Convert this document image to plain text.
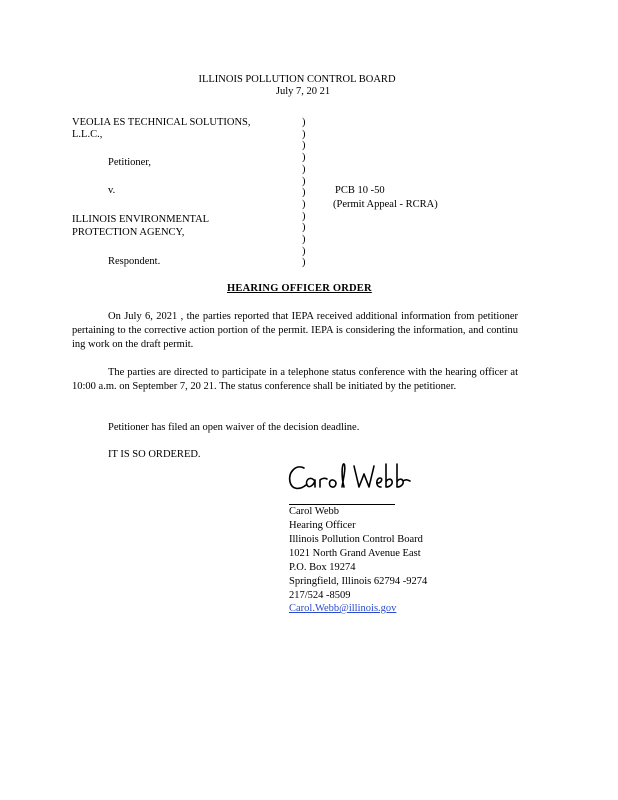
ILLINOIS POLLUTION CONTROL BOARD
July 7, 20 21
VEOLIA ES TECHNICAL SOLUTIONS,
L.L.C.,
Petitioner,
v.
ILLINOIS ENVIRONMENTAL
PROTECTION AGENCY,
Respondent.
)
)
)
)
)
)
)
)
)
)
)
)
)
PCB 10 -50
(Permit Appeal - RCRA)
HEARING OFFICER ORDER
On July 6, 2021 , the parties reported that IEPA received additional information from petitioner pertaining to the corrective action portion of the permit. IEPA is considering the information, and continu ing work on the draft permit.
The parties are directed to participate in a telephone status conference with the hearing officer at 10:00 a.m. on September 7, 20 21. The status conference shall be initiated by the petitioner.
Petitioner has filed an open waiver of the decision deadline.
IT IS SO ORDERED.
Carol Webb
Hearing Officer
Illinois Pollution Control Board
1021 North Grand Avenue East
P.O. Box 19274
Springfield, Illinois 62794 -9274
217/524 -8509
Carol.Webb@illinois.gov
